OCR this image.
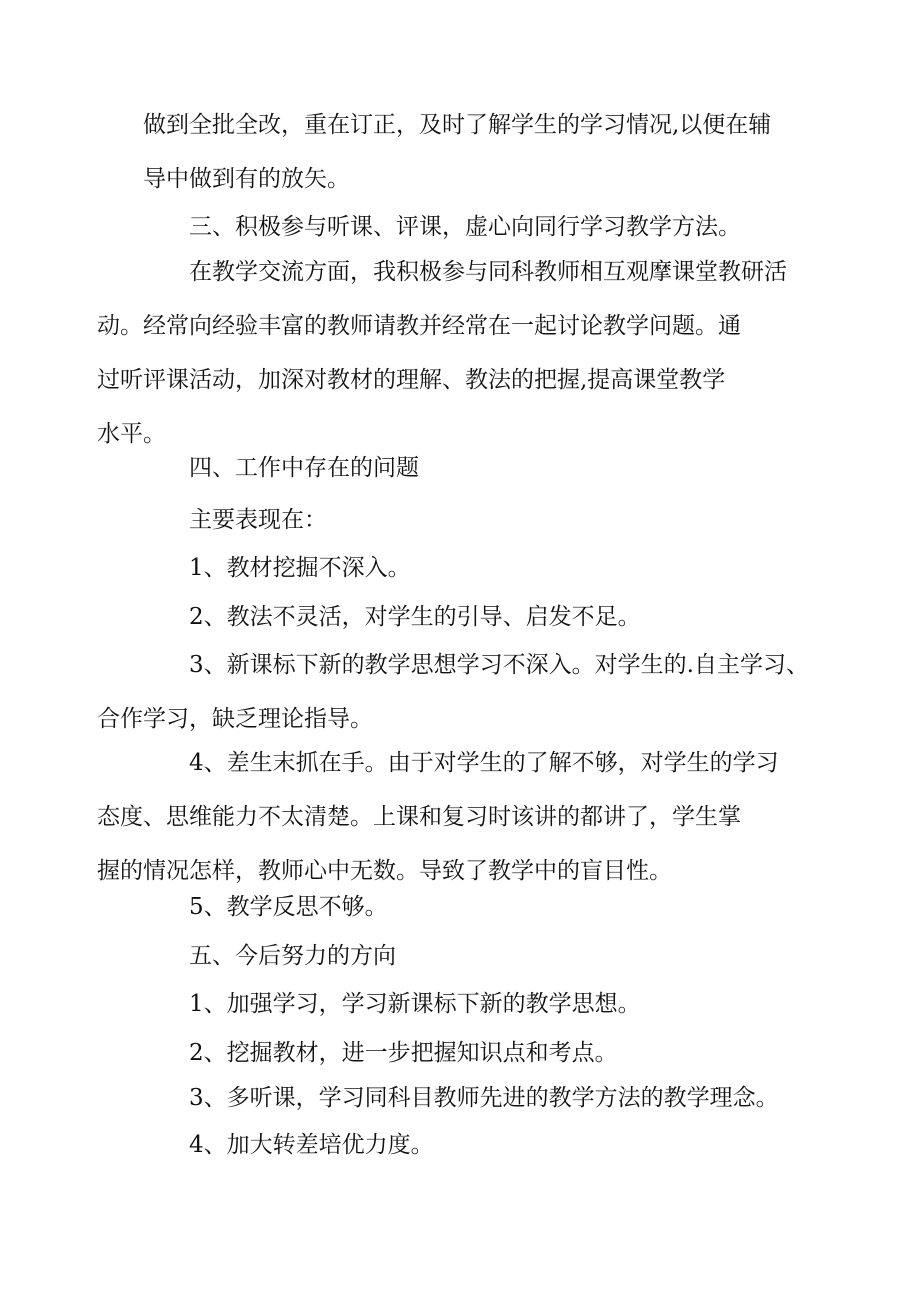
做到全批全改，重在订正，及时了解学生的学习情况,以便在辅
导中做到有的放矢。
三、积极参与听课、评课，虚心向同行学习教学方法。
在教学交流方面，我积极参与同科教师相互观摩课堂教研活
动。经常向经验丰富的教师请教并经常在一起讨论教学问题。通
过听评课活动，加深对教材的理解、教法的把握,提高课堂教学
水平。
四、工作中存在的问题
主要表现在：
1、教材挖掘不深入。
2、教法不灵活，对学生的引导、启发不足。
3、新课标下新的教学思想学习不深入。对学生的.自主学习、
合作学习，缺乏理论指导。
4、差生末抓在手。由于对学生的了解不够，对学生的学习
态度、思维能力不太清楚。上课和复习时该讲的都讲了，学生掌
握的情况怎样，教师心中无数。导致了教学中的盲目性。
5、教学反思不够。
五、今后努力的方向
1、加强学习，学习新课标下新的教学思想。
2、挖掘教材，进一步把握知识点和考点。
3、多听课，学习同科目教师先进的教学方法的教学理念。
4、加大转差培优力度。
